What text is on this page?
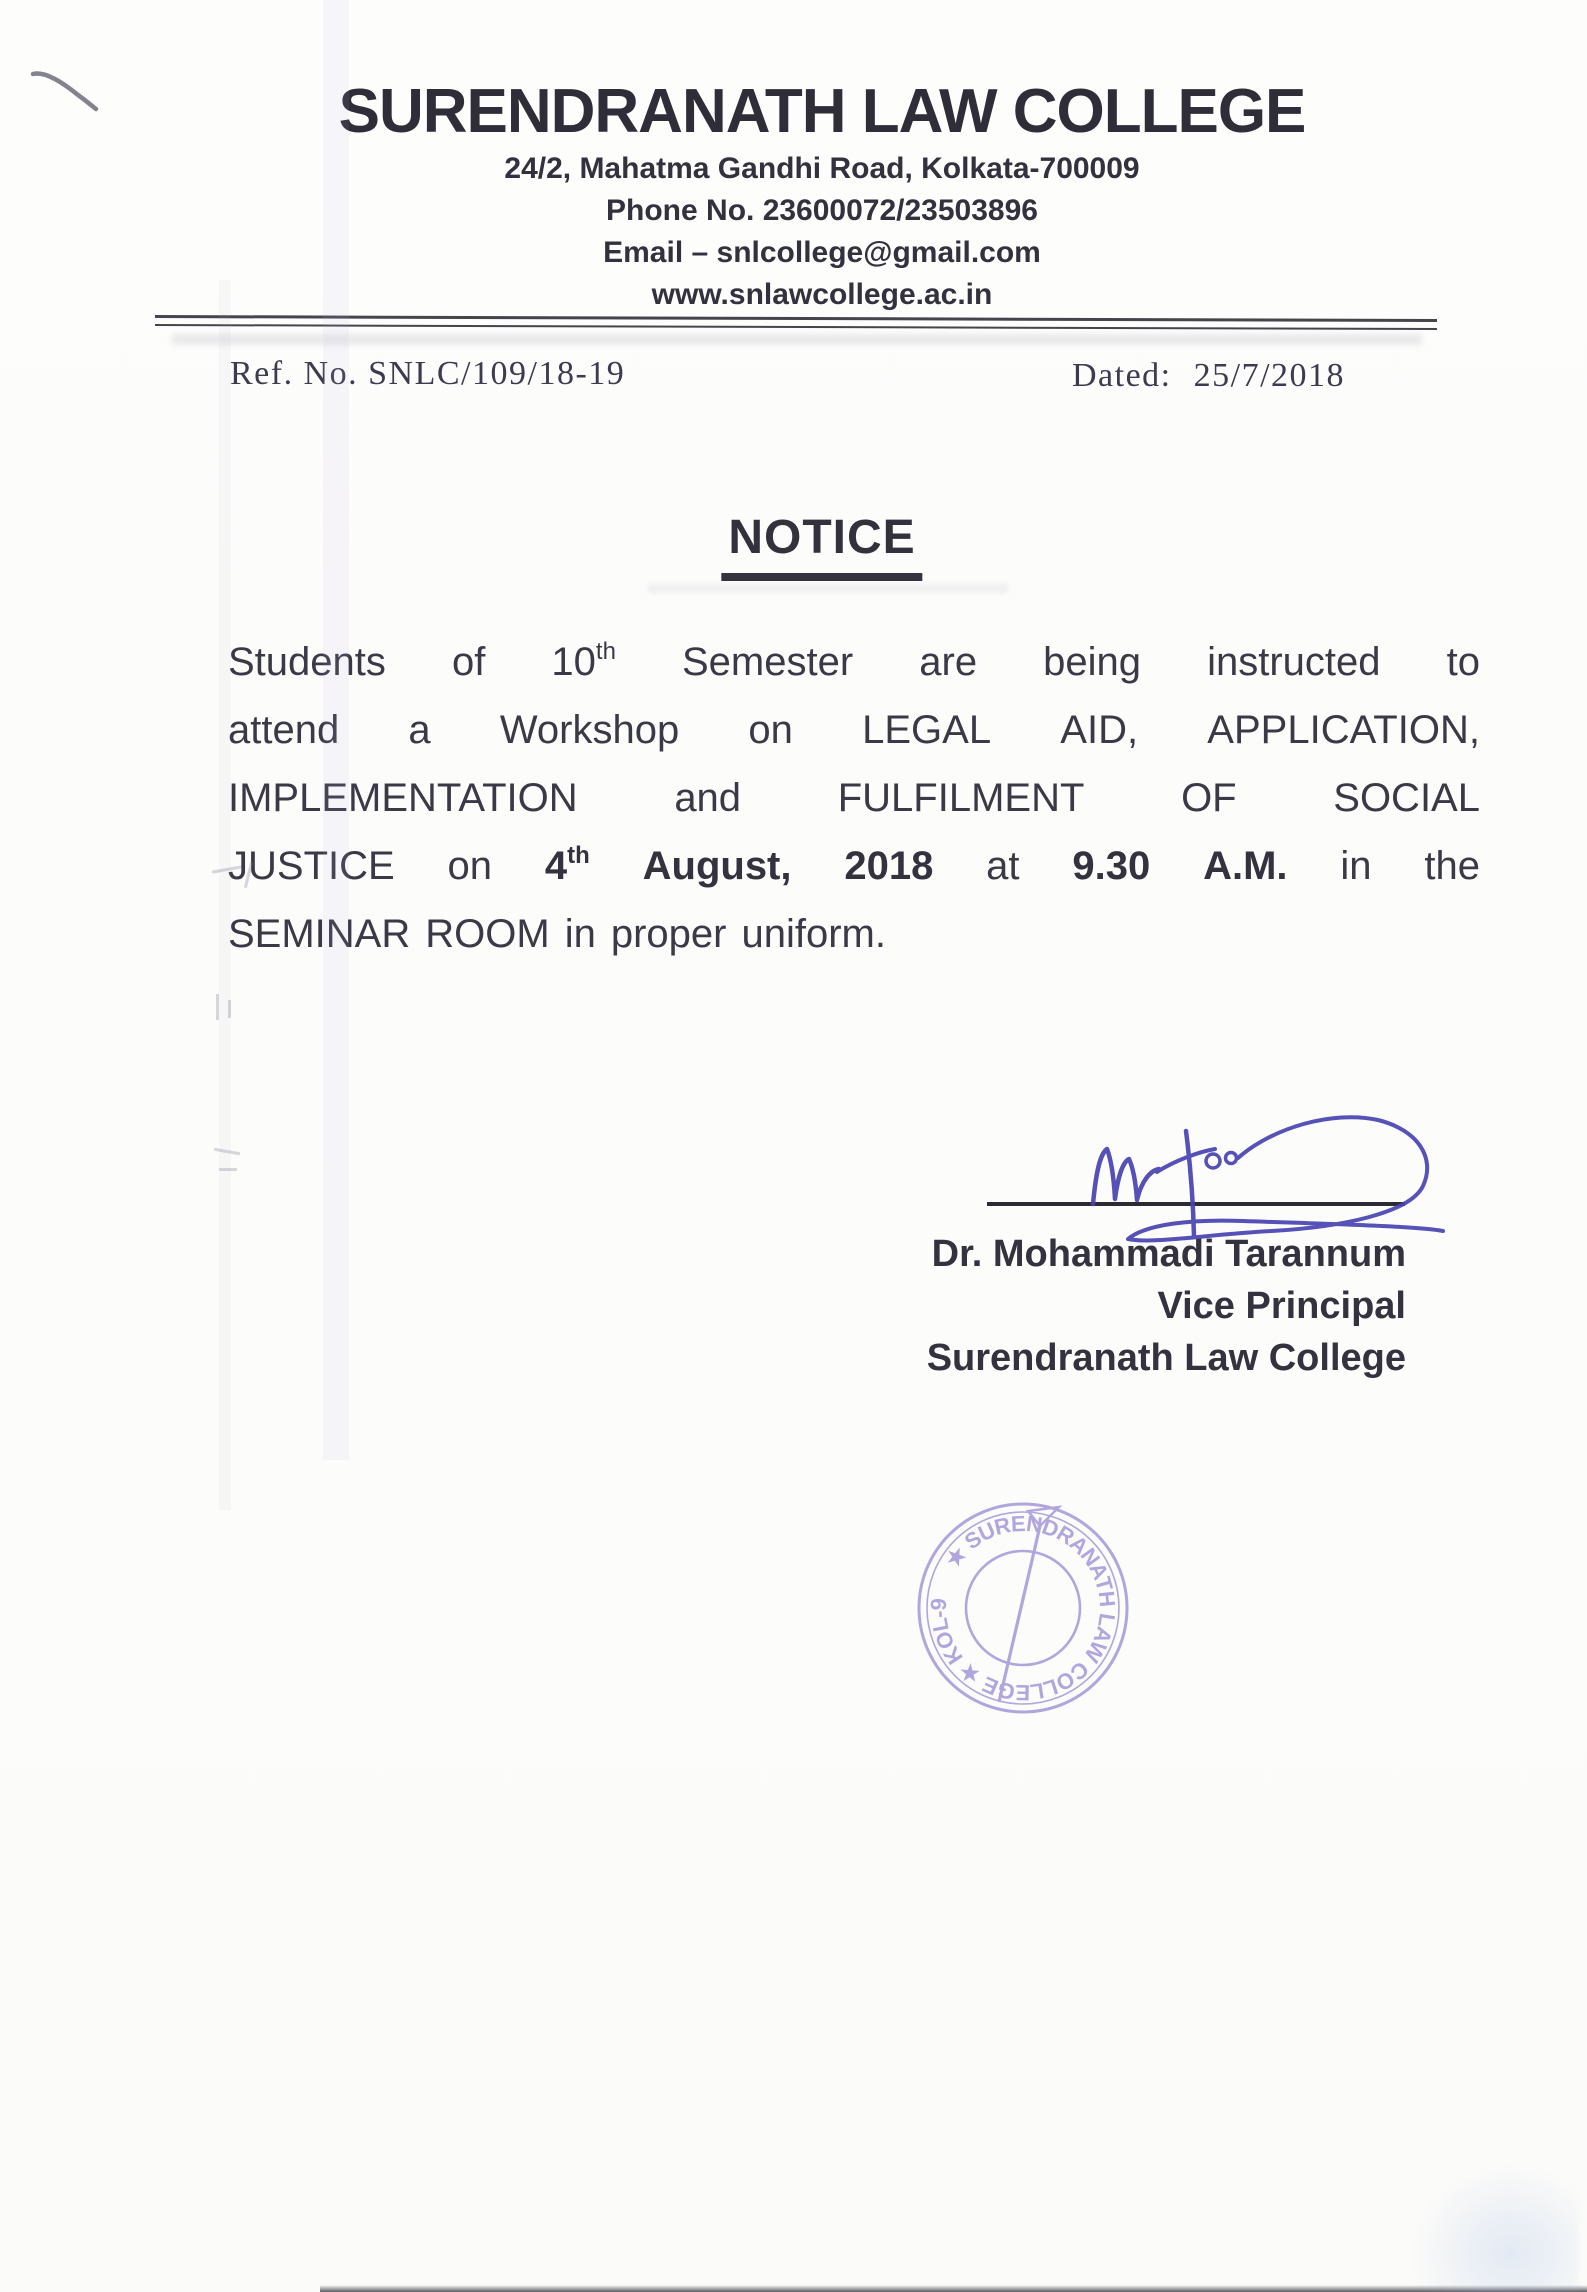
SURENDRANATH LAW COLLEGE
24/2, Mahatma Gandhi Road, Kolkata-700009
Phone No. 23600072/23503896
Email – snlcollege@gmail.com
www.snlawcollege.ac.in
Ref. No. SNLC/109/18-19	Dated: 25/7/2018
NOTICE
Students of 10th Semester are being instructed to
attend a Workshop on LEGAL AID, APPLICATION,
IMPLEMENTATION and FULFILMENT OF SOCIAL
JUSTICE on 4th August, 2018 at 9.30 A.M. in the
SEMINAR ROOM in proper uniform.
Dr. Mohammadi Tarannum
Vice Principal
Surendranath Law College
★ SURENDRANATH LAW COLLEGE ★ KOL-9
